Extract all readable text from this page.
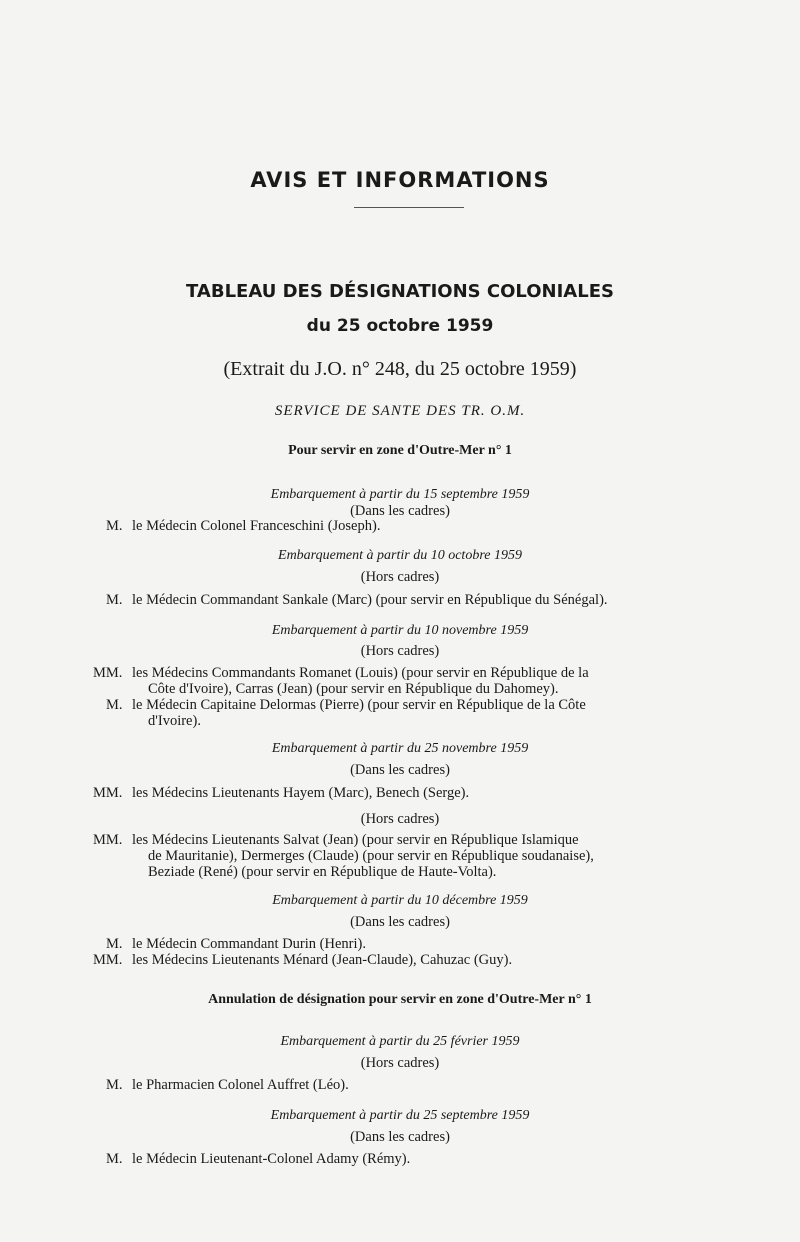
AVIS ET INFORMATIONS
TABLEAU DES DÉSIGNATIONS COLONIALES
du 25 octobre 1959
(Extrait du J.O. n° 248, du 25 octobre 1959)
SERVICE DE SANTE DES TR. O.M.
Pour servir en zone d'Outre-Mer n° 1
Embarquement à partir du 15 septembre 1959
(Dans les cadres)
M. le Médecin Colonel Franceschini (Joseph).
Embarquement à partir du 10 octobre 1959
(Hors cadres)
M. le Médecin Commandant Sankale (Marc) (pour servir en République du Sénégal).
Embarquement à partir du 10 novembre 1959
(Hors cadres)
MM. les Médecins Commandants Romanet (Louis) (pour servir en République de la
Côte d'Ivoire), Carras (Jean) (pour servir en République du Dahomey).
M. le Médecin Capitaine Delormas (Pierre) (pour servir en République de la Côte
d'Ivoire).
Embarquement à partir du 25 novembre 1959
(Dans les cadres)
MM. les Médecins Lieutenants Hayem (Marc), Benech (Serge).
(Hors cadres)
MM. les Médecins Lieutenants Salvat (Jean) (pour servir en République Islamique
de Mauritanie), Dermerges (Claude) (pour servir en République soudanaise),
Beziade (René) (pour servir en République de Haute-Volta).
Embarquement à partir du 10 décembre 1959
(Dans les cadres)
M. le Médecin Commandant Durin (Henri).
MM. les Médecins Lieutenants Ménard (Jean-Claude), Cahuzac (Guy).
Annulation de désignation pour servir en zone d'Outre-Mer n° 1
Embarquement à partir du 25 février 1959
(Hors cadres)
M. le Pharmacien Colonel Auffret (Léo).
Embarquement à partir du 25 septembre 1959
(Dans les cadres)
M. le Médecin Lieutenant-Colonel Adamy (Rémy).
